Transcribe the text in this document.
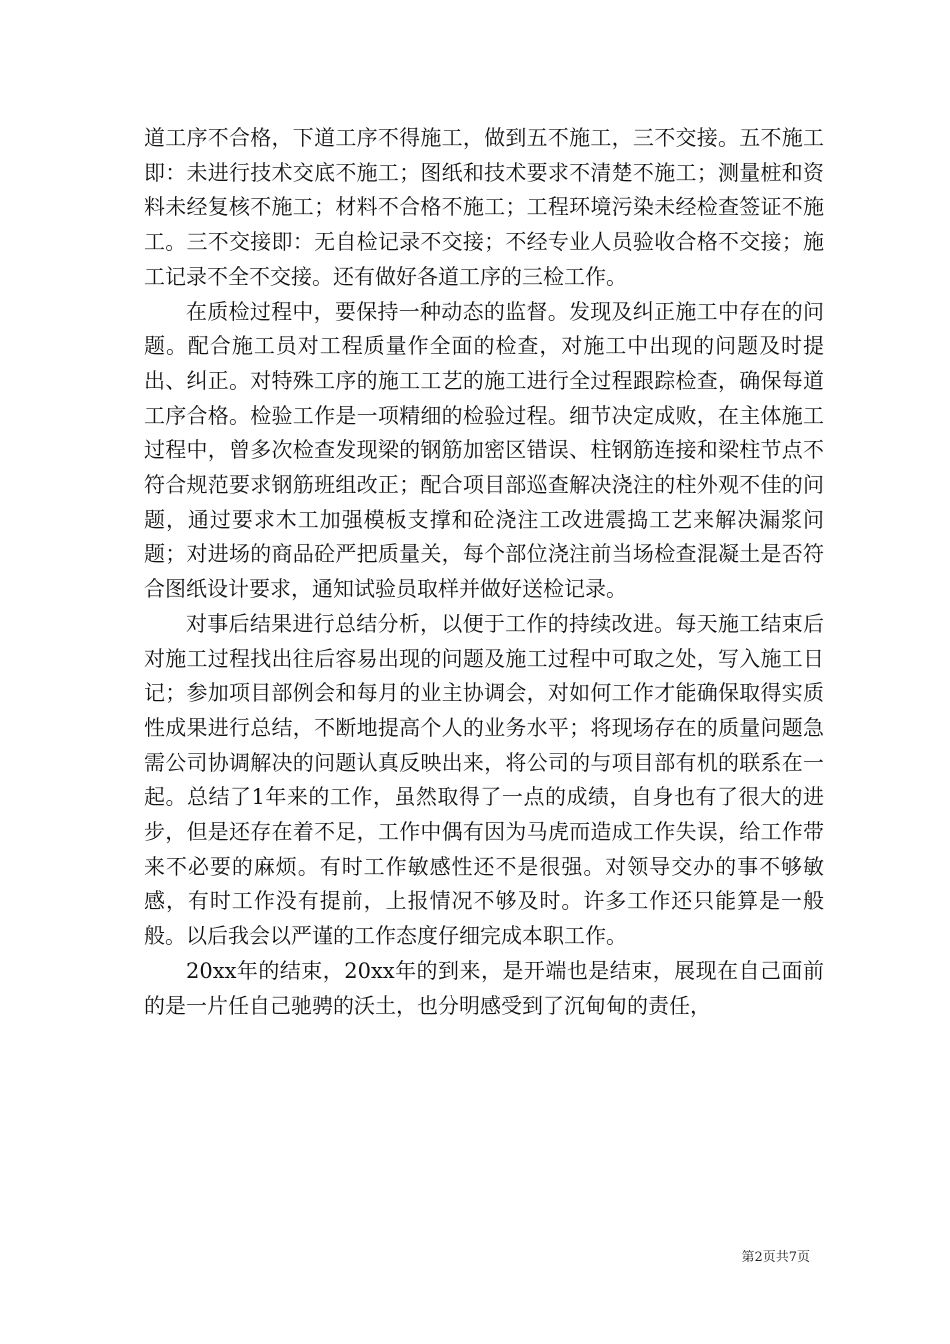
道工序不合格，下道工序不得施工，做到五不施工，三不交接。五不施工即：未进行技术交底不施工；图纸和技术要求不清楚不施工；测量桩和资料未经复核不施工；材料不合格不施工；工程环境污染未经检查签证不施工。三不交接即：无自检记录不交接；不经专业人员验收合格不交接；施工记录不全不交接。还有做好各道工序的三检工作。

在质检过程中，要保持一种动态的监督。发现及纠正施工中存在的问题。配合施工员对工程质量作全面的检查，对施工中出现的问题及时提出、纠正。对特殊工序的施工工艺的施工进行全过程跟踪检查，确保每道工序合格。检验工作是一项精细的检验过程。细节决定成败，在主体施工过程中，曾多次检查发现梁的钢筋加密区错误、柱钢筋连接和梁柱节点不符合规范要求钢筋班组改正；配合项目部巡查解决浇注的柱外观不佳的问题，通过要求木工加强模板支撑和砼浇注工改进震捣工艺来解决漏浆问题；对进场的商品砼严把质量关，每个部位浇注前当场检查混凝土是否符合图纸设计要求，通知试验员取样并做好送检记录。

对事后结果进行总结分析，以便于工作的持续改进。每天施工结束后对施工过程找出往后容易出现的问题及施工过程中可取之处，写入施工日记；参加项目部例会和每月的业主协调会，对如何工作才能确保取得实质性成果进行总结，不断地提高个人的业务水平；将现场存在的质量问题急需公司协调解决的问题认真反映出来，将公司的与项目部有机的联系在一起。总结了1年来的工作，虽然取得了一点的成绩，自身也有了很大的进步，但是还存在着不足，工作中偶有因为马虎而造成工作失误，给工作带来不必要的麻烦。有时工作敏感性还不是很强。对领导交办的事不够敏感，有时工作没有提前，上报情况不够及时。许多工作还只能算是一般般。以后我会以严谨的工作态度仔细完成本职工作。

20xx年的结束，20xx年的到来，是开端也是结束，展现在自己面前的是一片任自己驰骋的沃土，也分明感受到了沉甸甸的责任，

第2页共7页
